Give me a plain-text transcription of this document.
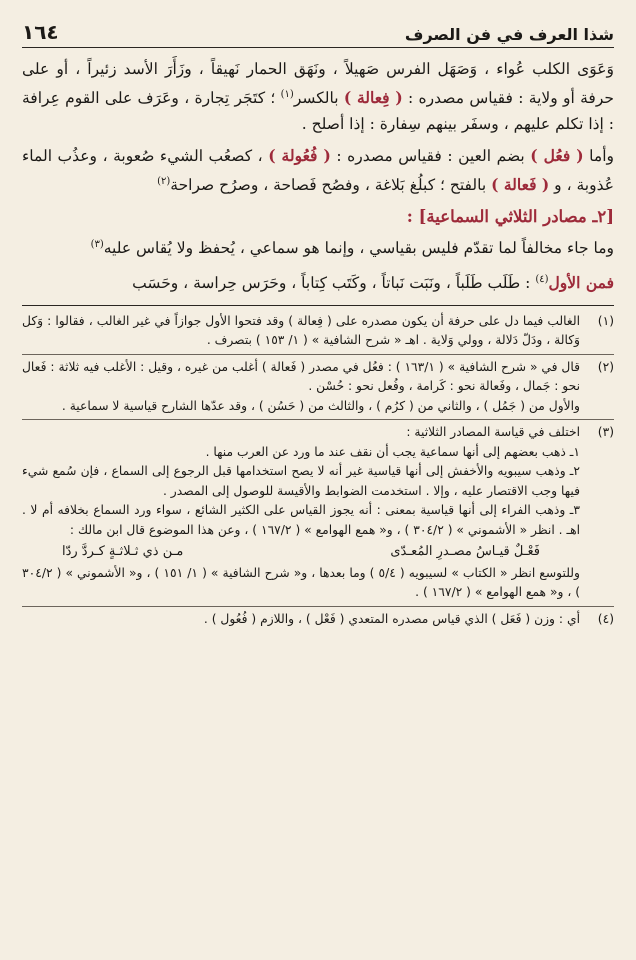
شذا العرف في فن الصرف
١٦٤

وَعَوَى الكلب عُواء ، وَصَهَل الفرس صَهيلاً ، ونَهَق الحمار نَهيقاً ، وزَأَرَ الأسد زئيراً ، أو على حرفة أو ولاية : فقياس مصدره : ( فِعالة ) بالكسر$^{(١)}$ ؛ كتَجَر تِجارة ، وعَرَف على القوم عِرافة : إذا تكلم عليهم ، وسفَر بينهم سِفارة : إذا أصلح .

وأما ( فعُل ) بضم العين : فقياس مصدره : ( فُعُولة ) ، كصعُب الشيء صُعوبة ، وعذُب الماء عُذوبة ، و ( فَعالة ) بالفتح ؛ كبلُغ بَلاغة ، وفصُح فَصاحة ، وصرُح صراحة$^{(٢)}$

[٢ـ مصادر الثلاثي السماعية] :

وما جاء مخالفاً لما تقدّم فليس بقياسي ، وإنما هو سماعي ، يُحفظ ولا يُقاس عليه$^{(٣)}$

فمن الأول$^{(٤)}$ : طَلَب طَلَباً ، ونَبَت نَباتاً ، وكَتَب كِتاباً ، وحَرَس حِراسة ، وحَسَب

(١)

الغالب فيما دل على حرفة أن يكون مصدره على ( فِعالة ) وقد فتحوا الأول جوازاً في غير الغالب ، فقالوا : وَكل وَكالة ، ودَلّ دَلالة ، وولي وَلاية . اهـ « شرح الشافية » ( ١/ ١٥٣ ) بتصرف .

(٢)

قال في « شرح الشافية » ( ١٦٣/١ ) : فعُل في مصدر ( فَعالة ) أغلب من غيره ، وقيل : الأغلب فيه ثلاثة : فَعال نحو : جَمال ، وفَعالة نحو : كَرامة ، وفُعل نحو : حُسْن .

والأول من ( جَمُل ) ، والثاني من ( كرُم ) ، والثالث من ( حَسُن ) ، وقد عدّها الشارح قياسية لا سماعية .

(٣)

اختلف في قياسة المصادر الثلاثية :

١ـ ذهب بعضهم إلى أنها سماعية يجب أن نقف عند ما ورد عن العرب منها .

٢ـ وذهب سيبويه والأخفش إلى أنها قياسية غير أنه لا يصح استخدامها قبل الرجوع إلى السماع ، فإن سُمع شيء فيها وجب الاقتصار عليه ، وإلا . استخدمت الضوابط والأقيسة للوصول إلى المصدر .

٣ـ وذهب الفراء إلى أنها قياسية بمعنى : أنه يجوز القياس على الكثير الشائع ، سواء ورد السماع بخلافه أم لا . اهـ . انظر « الأشموني » ( ٣٠٤/٢ ) ، و« همع الهوامع » ( ١٦٧/٢ ) ، وعن هذا الموضوع قال ابن مالك :

فَعْـلٌ قيـاسُ مصـدرِ المُعـدّى
مـن ذي ثـلاثـةٍ كـردَّ ردّا

وللتوسع انظر « الكتاب » لسيبويه ( ٥/٤ ) وما بعدها ، و« شرح الشافية » ( ١/ ١٥١ ) ، و« الأشموني » ( ٣٠٤/٢ ) ، و« همع الهوامع » ( ١٦٧/٢ ) .

(٤)

أي : وزن ( فَعَل ) الذي قياس مصدره المتعدي ( فَعْل ) ، واللازم ( فُعُول ) .
